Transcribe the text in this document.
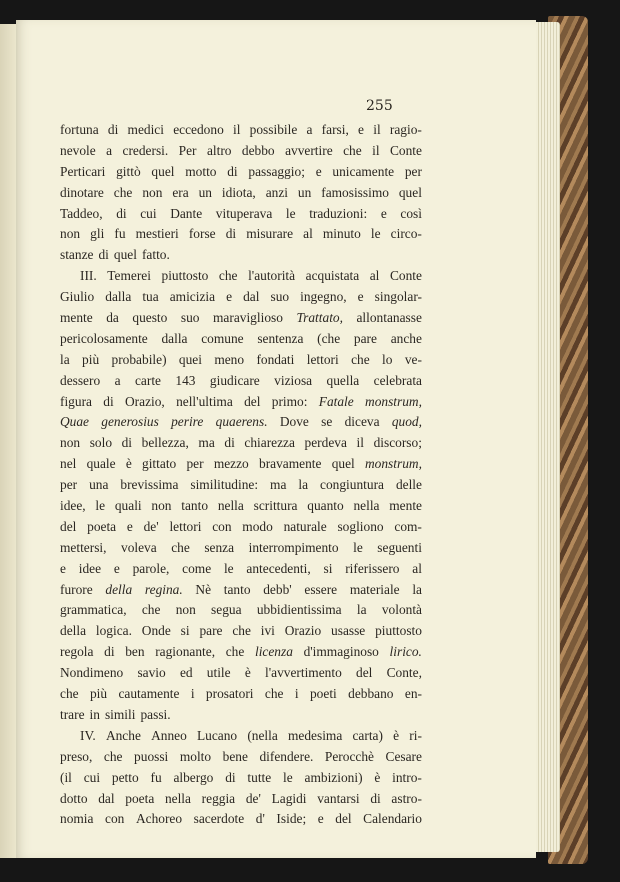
255
fortuna di medici eccedono il possibile a farsi, e il ragio-
nevole a credersi. Per altro debbo avvertire che il Conte
Perticari gittò quel motto di passaggio; e unicamente per
dinotare che non era un idiota, anzi un famosissimo quel
Taddeo, di cui Dante vituperava le traduzioni: e così
non gli fu mestieri forse di misurare al minuto le circo-
stanze di quel fatto.
III. Temerei piuttosto che l'autorità acquistata al Conte
Giulio dalla tua amicizia e dal suo ingegno, e singolar-
mente da questo suo maraviglioso Trattato, allontanasse
pericolosamente dalla comune sentenza (che pare anche
la più probabile) quei meno fondati lettori che lo ve-
dessero a carte 143 giudicare viziosa quella celebrata
figura di Orazio, nell'ultima del primo: Fatale monstrum,
Quae generosius perire quaerens. Dove se diceva quod,
non solo di bellezza, ma di chiarezza perdeva il discorso;
nel quale è gittato per mezzo bravamente quel monstrum,
per una brevissima similitudine: ma la congiuntura delle
idee, le quali non tanto nella scrittura quanto nella mente
del poeta e de' lettori con modo naturale sogliono com-
mettersi, voleva che senza interrompimento le seguenti
e idee e parole, come le antecedenti, si riferissero al
furore della regina. Nè tanto debb' essere materiale la
grammatica, che non segua ubbidientissima la volontà
della logica. Onde si pare che ivi Orazio usasse piuttosto
regola di ben ragionante, che licenza d'immaginoso lirico.
Nondimeno savio ed utile è l'avvertimento del Conte,
che più cautamente i prosatori che i poeti debbano en-
trare in simili passi.
IV. Anche Anneo Lucano (nella medesima carta) è ri-
preso, che puossi molto bene difendere. Perocchè Cesare
(il cui petto fu albergo di tutte le ambizioni) è intro-
dotto dal poeta nella reggia de' Lagidi vantarsi di astro-
nomia con Achoreo sacerdote d' Iside; e del Calendario
